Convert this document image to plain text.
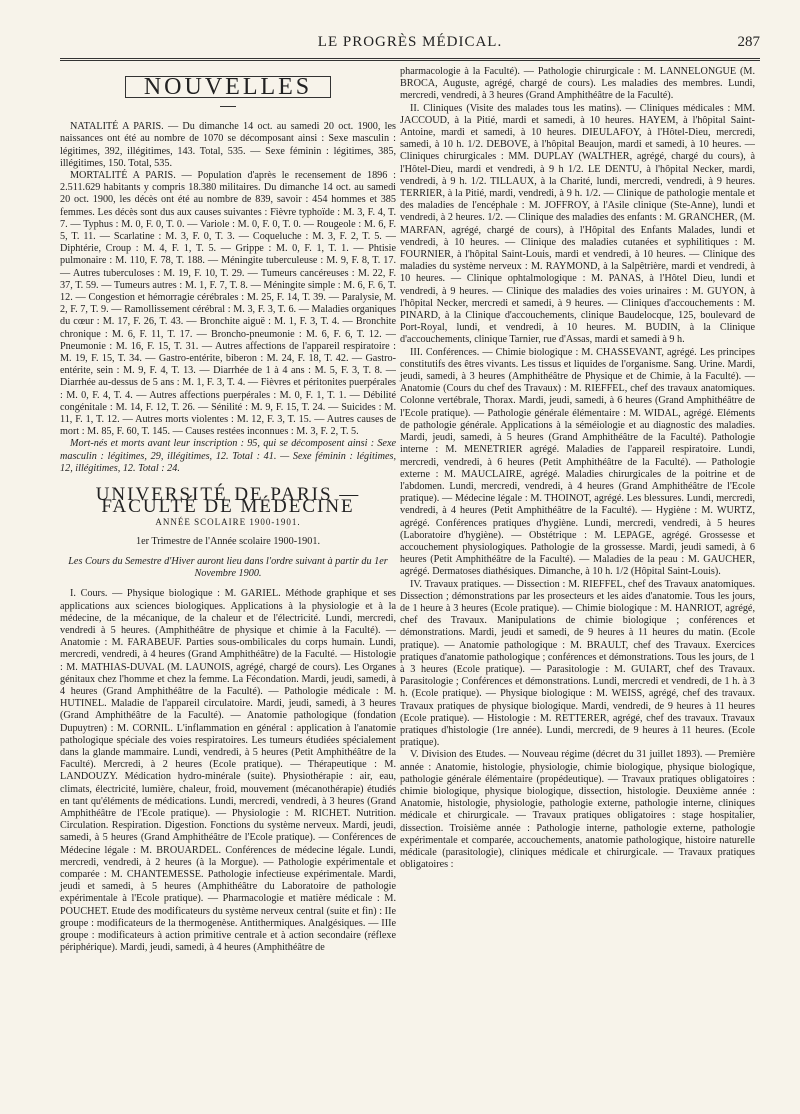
LE PROGRÈS MÉDICAL.	287
NOUVELLES

NATALITÉ A PARIS. — Du dimanche 14 oct. au samedi 20 oct. 1900, les naissances ont été au nombre de 1070 se décomposant ainsi : Sexe masculin : légitimes, 392, illégitimes, 143. Total, 535. — Sexe féminin : légitimes, 385, illégitimes, 150. Total, 535.

MORTALITÉ A PARIS. — Population d'après le recensement de 1896 : 2.511.629 habitants y compris 18.380 militaires. Du dimanche 14 oct. au samedi 20 oct. 1900, les décès ont été au nombre de 839, savoir : 454 hommes et 385 femmes. Les décès sont dus aux causes suivantes : Fièvre typhoïde : M. 3, F. 4, T. 7. — Typhus : M. 0, F. 0, T. 0. — Variole : M. 0, F. 0, T. 0. — Rougeole : M. 6, F. 5, T. 11. — Scarlatine : M. 3, F. 0, T. 3. — Coqueluche : M. 3, F. 2, T. 5. — Diphtérie, Croup : M. 4, F. 1, T. 5. — Grippe : M. 0, F. 1, T. 1. — Phtisie pulmonaire : M. 110, F. 78, T. 188. — Méningite tuberculeuse : M. 9, F. 8, T. 17. — Autres tuberculoses : M. 19, F. 10, T. 29. — Tumeurs cancéreuses : M. 22, F. 37, T. 59. — Tumeurs autres : M. 1, F. 7, T. 8. — Méningite simple : M. 6, F. 6, T. 12. — Congestion et hémorragie cérébrales : M. 25, F. 14, T. 39. — Paralysie, M. 2, F. 7, T. 9. — Ramollissement cérébral : M. 3, F. 3, T. 6. — Maladies organiques du cœur : M. 17, F. 26, T. 43. — Bronchite aiguë : M. 1, F. 3, T. 4. — Bronchite chronique : M. 6, F. 11, T. 17. — Broncho-pneumonie : M. 6, F. 6, T. 12. — Pneumonie : M. 16, F. 15, T. 31. — Autres affections de l'appareil respiratoire : M. 19, F. 15, T. 34. — Gastro-entérite, biberon : M. 24, F. 18, T. 42. — Gastro-entérite, sein : M. 9, F. 4, T. 13. — Diarrhée de 1 à 4 ans : M. 5, F. 3, T. 8. — Diarrhée au-dessus de 5 ans : M. 1, F. 3, T. 4. — Fièvres et péritonites puerpérales : M. 0, F. 4, T. 4. — Autres affections puerpérales : M. 0, F. 1, T. 1. — Débilité congénitale : M. 14, F. 12, T. 26. — Sénilité : M. 9, F. 15, T. 24. — Suicides : M. 11, F. 1, T. 12. — Autres morts violentes : M. 12, F. 3, T. 15. — Autres causes de mort : M. 85, F. 60, T. 145. — Causes restées inconnues : M. 3, F. 2, T. 5.

Mort-nés et morts avant leur inscription : 95, qui se décomposent ainsi : Sexe masculin : légitimes, 29, illégitimes, 12. Total : 41. — Sexe féminin : légitimes, 12, illégitimes, 12. Total : 24.

UNIVERSITÉ DE PARIS — FACULTÉ DE MÉDECINE

ANNÉE SCOLAIRE 1900-1901.

1er Trimestre de l'Année scolaire 1900-1901.

Les Cours du Semestre d'Hiver auront lieu dans l'ordre suivant à partir du 1er Novembre 1900.

I. Cours. — Physique biologique : M. GARIEL. Méthode graphique et ses applications aux sciences biologiques. Applications à la physiologie et à la médecine, de la mécanique, de la chaleur et de l'électricité. Lundi, mercredi, vendredi à 5 heures. (Amphithéâtre de physique et chimie à la Faculté). — Anatomie : M. FARABEUF. Parties sous-ombilicales du corps humain. Lundi, mercredi, vendredi, à 4 heures (Grand Amphithéâtre) de la Faculté. — Histologie : M. MATHIAS-DUVAL (M. LAUNOIS, agrégé, chargé de cours). Les Organes génitaux chez l'homme et chez la femme. La Fécondation. Mardi, jeudi, samedi, à 4 heures (Grand Amphithéâtre de la Faculté). — Pathologie médicale : M. HUTINEL. Maladie de l'appareil circulatoire. Mardi, jeudi, samedi, à 3 heures (Grand Amphithéâtre de la Faculté). — Anatomie pathologique (fondation Dupuytren) : M. CORNIL. L'inflammation en général : application à l'anatomie pathologique spéciale des voies respiratoires. Les tumeurs étudiées spécialement dans la glande mammaire. Lundi, vendredi, à 5 heures (Petit Amphithéâtre de la Faculté). Mercredi, à 2 heures (Ecole pratique). — Thérapeutique : M. LANDOUZY. Médication hydro-minérale (suite). Physiothérapie : air, eau, climats, électricité, lumière, chaleur, froid, mouvement (mécanothérapie) étudiés en tant qu'éléments de médications. Lundi, mercredi, vendredi, à 3 heures (Grand Amphithéâtre de l'Ecole pratique). — Physiologie : M. RICHET. Nutrition. Circulation. Respiration. Digestion. Fonctions du système nerveux. Mardi, jeudi, samedi, à 5 heures (Grand Amphithéâtre de l'Ecole pratique). — Conférences de Médecine légale : M. BROUARDEL. Conférences de médecine légale. Lundi, mercredi, vendredi, à 2 heures (à la Morgue). — Pathologie expérimentale et comparée : M. CHANTEMESSE. Pathologie infectieuse expérimentale. Mardi, jeudi et samedi, à 5 heures (Amphithéâtre du Laboratoire de pathologie expérimentale à l'Ecole pratique). — Pharmacologie et matière médicale : M. POUCHET. Etude des modificateurs du système nerveux central (suite et fin) : IIe groupe : modificateurs de la thermogenèse. Antithermiques. Analgésiques. — IIIe groupe : modificateurs à action primitive centrale et à action secondaire (réflexe périphérique). Mardi, jeudi, samedi, à 4 heures (Amphithéâtre de

pharmacologie à la Faculté). — Pathologie chirurgicale : M. LANNELONGUE (M. BROCA, Auguste, agrégé, chargé de cours). Les maladies des membres. Lundi, mercredi, vendredi, à 3 heures (Grand Amphithéâtre de la Faculté).

II. Cliniques (Visite des malades tous les matins). — Cliniques médicales : MM. JACCOUD, à la Pitié, mardi et samedi, à 10 heures. HAYEM, à l'hôpital Saint-Antoine, mardi et samedi, à 10 heures. DIEULAFOY, à l'Hôtel-Dieu, mercredi, samedi, à 10 h. 1/2. DEBOVE, à l'hôpital Beaujon, mardi et samedi, à 10 heures. — Cliniques chirurgicales : MM. DUPLAY (WALTHER, agrégé, chargé du cours), à l'Hôtel-Dieu, mardi et vendredi, à 9 h 1/2. LE DENTU, à l'hôpital Necker, mardi, vendredi, à 9 h. 1/2. TILLAUX, à la Charité, lundi, mercredi, vendredi, à 9 heures. TERRIER, à la Pitié, mardi, vendredi, à 9 h. 1/2. — Clinique de pathologie mentale et des maladies de l'encéphale : M. JOFFROY, à l'Asile clinique (Ste-Anne), lundi et vendredi, à 2 heures. 1/2. — Clinique des maladies des enfants : M. GRANCHER, (M. MARFAN, agrégé, chargé de cours), à l'Hôpital des Enfants Malades, lundi et vendredi, à 10 heures. — Clinique des maladies cutanées et syphilitiques : M. FOURNIER, à l'hôpital Saint-Louis, mardi et vendredi, à 10 heures. — Clinique des maladies du système nerveux : M. RAYMOND, à la Salpêtrière, mardi et vendredi, à 10 heures. — Clinique ophtalmologique : M. PANAS, à l'Hôtel Dieu, lundi et vendredi, à 9 heures. — Clinique des maladies des voies urinaires : M. GUYON, à l'hôpital Necker, mercredi et samedi, à 9 heures. — Cliniques d'accouchements : M. PINARD, à la Clinique d'accouchements, clinique Baudelocque, 125, boulevard de Port-Royal, lundi, et vendredi, à 10 heures. M. BUDIN, à la Clinique d'accouchements, clinique Tarnier, rue d'Assas, mardi et samedi à 9 h.

III. Conférences. — Chimie biologique : M. CHASSEVANT, agrégé. Les principes constitutifs des êtres vivants. Les tissus et liquides de l'organisme. Sang. Urine. Mardi, jeudi, samedi, à 3 heures (Amphithéâtre de Physique et de Chimie, à la Faculté). — Anatomie (Cours du chef des Travaux) : M. RIEFFEL, chef des travaux anatomiques. Colonne vertébrale, Thorax. Mardi, jeudi, samedi, à 6 heures (Grand Amphithéâtre de l'Ecole pratique). — Pathologie générale élémentaire : M. WIDAL, agrégé. Eléments de pathologie générale. Applications à la séméiologie et au diagnostic des maladies. Mardi, jeudi, samedi, à 5 heures (Grand Amphithéâtre de la Faculté). Pathologie interne : M. MENETRIER agrégé. Maladies de l'appareil respiratoire. Lundi, mercredi, vendredi, à 6 heures (Petit Amphithéâtre de la Faculté). — Pathologie externe : M. MAUCLAIRE, agrégé. Maladies chirurgicales de la poitrine et de l'abdomen. Lundi, mercredi, vendredi, à 4 heures (Grand Amphithéâtre de l'Ecole pratique). — Médecine légale : M. THOINOT, agrégé. Les blessures. Lundi, mercredi, vendredi, à 4 heures (Petit Amphithéâtre de la Faculté). — Hygiène : M. WURTZ, agrégé. Conférences pratiques d'hygiène. Lundi, mercredi, vendredi, à 5 heures (Laboratoire d'hygiène). — Obstétrique : M. LEPAGE, agrégé. Grossesse et accouchement physiologiques. Pathologie de la grossesse. Mardi, jeudi samedi, à 6 heures (Petit Amphithéâtre de la Faculté). — Maladies de la peau : M. GAUCHER, agrégé. Dermatoses diathésiques. Dimanche, à 10 h. 1/2 (Hôpital Saint-Louis).

IV. Travaux pratiques. — Dissection : M. RIEFFEL, chef des Travaux anatomiques. Dissection ; démonstrations par les prosecteurs et les aides d'anatomie. Tous les jours, de 1 heure à 3 heures (Ecole pratique). — Chimie biologique : M. HANRIOT, agrégé, chef des Travaux. Manipulations de chimie biologique ; conférences et démonstrations. Mardi, jeudi et samedi, de 9 heures à 11 heures du matin. (Ecole pratique). — Anatomie pathologique : M. BRAULT, chef des Travaux. Exercices pratiques d'anatomie pathologique ; conférences et démonstrations. Tous les jours, de 1 à 3 heures (Ecole pratique). — Parasitologie : M. GUIART, chef des Travaux. Parasitologie ; Conférences et démonstrations. Lundi, mercredi et vendredi, de 1 h. à 3 h. (Ecole pratique). — Physique biologique : M. WEISS, agrégé, chef des travaux. Travaux pratiques de physique biologique. Mardi, vendredi, de 9 heures à 11 heures (Ecole pratique). — Histologie : M. RETTERER, agrégé, chef des travaux. Travaux pratiques d'histologie (1re année). Lundi, mercredi, de 9 heures à 11 heures. (Ecole pratique).

V. Division des Etudes. — Nouveau régime (décret du 31 juillet 1893). — Première année : Anatomie, histologie, physiologie, chimie biologique, physique biologique, pathologie générale élémentaire (propédeutique). — Travaux pratiques obligatoires : chimie biologique, physique biologique, dissection, histologie. Deuxième année : Anatomie, histologie, physiologie, pathologie externe, pathologie interne, cliniques médicale et chirurgicale. — Travaux pratiques obligatoires : stage hospitalier, dissection. Troisième année : Pathologie interne, pathologie externe, pathologie expérimentale et comparée, accouchements, anatomie pathologique, histoire naturelle médicale (parasitologie), cliniques médicale et chirurgicale. — Travaux pratiques obligatoires :
